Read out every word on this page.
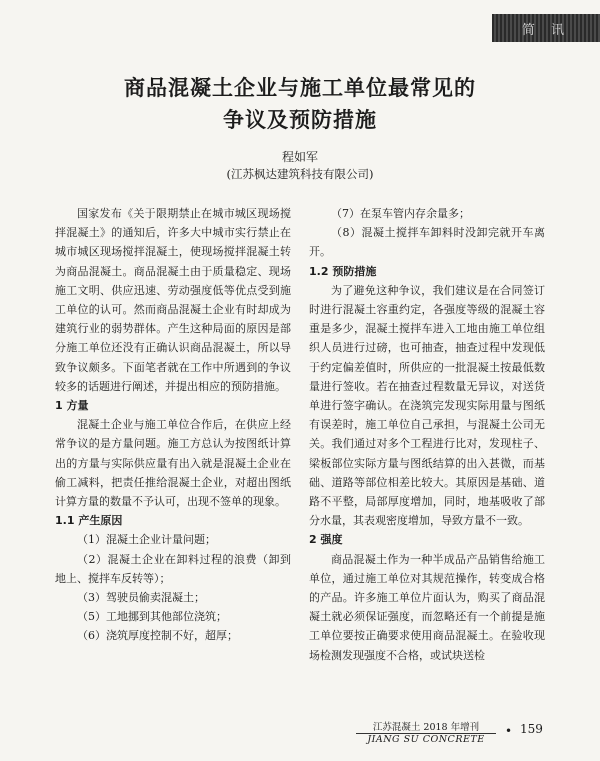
简 讯
商品混凝土企业与施工单位最常见的
争议及预防措施
程如军
(江苏枫达建筑科技有限公司)

国家发布《关于限期禁止在城市城区现场搅拌混凝土》的通知后，许多大中城市实行禁止在城市城区现场搅拌混凝土，使现场搅拌混凝土转为商品混凝土。商品混凝土由于质量稳定、现场施工文明、供应迅速、劳动强度低等优点受到施工单位的认可。然而商品混凝土企业有时却成为建筑行业的弱势群体。产生这种局面的原因是部分施工单位还没有正确认识商品混凝土，所以导致争议颇多。下面笔者就在工作中所遇到的争议较多的话题进行阐述，并提出相应的预防措施。

1 方量

混凝土企业与施工单位合作后，在供应上经常争议的是方量问题。施工方总认为按图纸计算出的方量与实际供应量有出入就是混凝土企业在偷工减料，把责任推给混凝土企业，对超出图纸计算方量的数量不予认可，出现不签单的现象。

1.1 产生原因

（1）混凝土企业计量问题；

（2）混凝土企业在卸料过程的浪费（卸到地上、搅拌车反转等）；

（3）驾驶员偷卖混凝土；

（5）工地挪到其他部位浇筑；

（6）浇筑厚度控制不好，超厚；

（7）在泵车管内存余量多；

（8）混凝土搅拌车卸料时没卸完就开车离开。

1.2 预防措施

为了避免这种争议，我们建议是在合同签订时进行混凝土容重约定，各强度等级的混凝土容重是多少，混凝土搅拌车进入工地由施工单位组织人员进行过磅，也可抽查，抽查过程中发现低于约定偏差值时，所供应的一批混凝土按最低数量进行签收。若在抽查过程数量无异议，对送货单进行签字确认。在浇筑完发现实际用量与图纸有误差时，施工单位自己承担，与混凝土公司无关。我们通过对多个工程进行比对，发现柱子、梁板部位实际方量与图纸结算的出入甚微，而基础、道路等部位相差比较大。其原因是基础、道路不平整，局部厚度增加，同时，地基吸收了部分水量，其表观密度增加，导致方量不一致。

2 强度

商品混凝土作为一种半成品产品销售给施工单位，通过施工单位对其规范操作，转变成合格的产品。许多施工单位片面认为，购买了商品混凝土就必须保证强度，而忽略还有一个前提是施工单位要按正确要求使用商品混凝土。在验收现场检测发现强度不合格，或试块送检

江苏混凝土 2018 年增刊
JIANG SU CONCRETE
• 159
